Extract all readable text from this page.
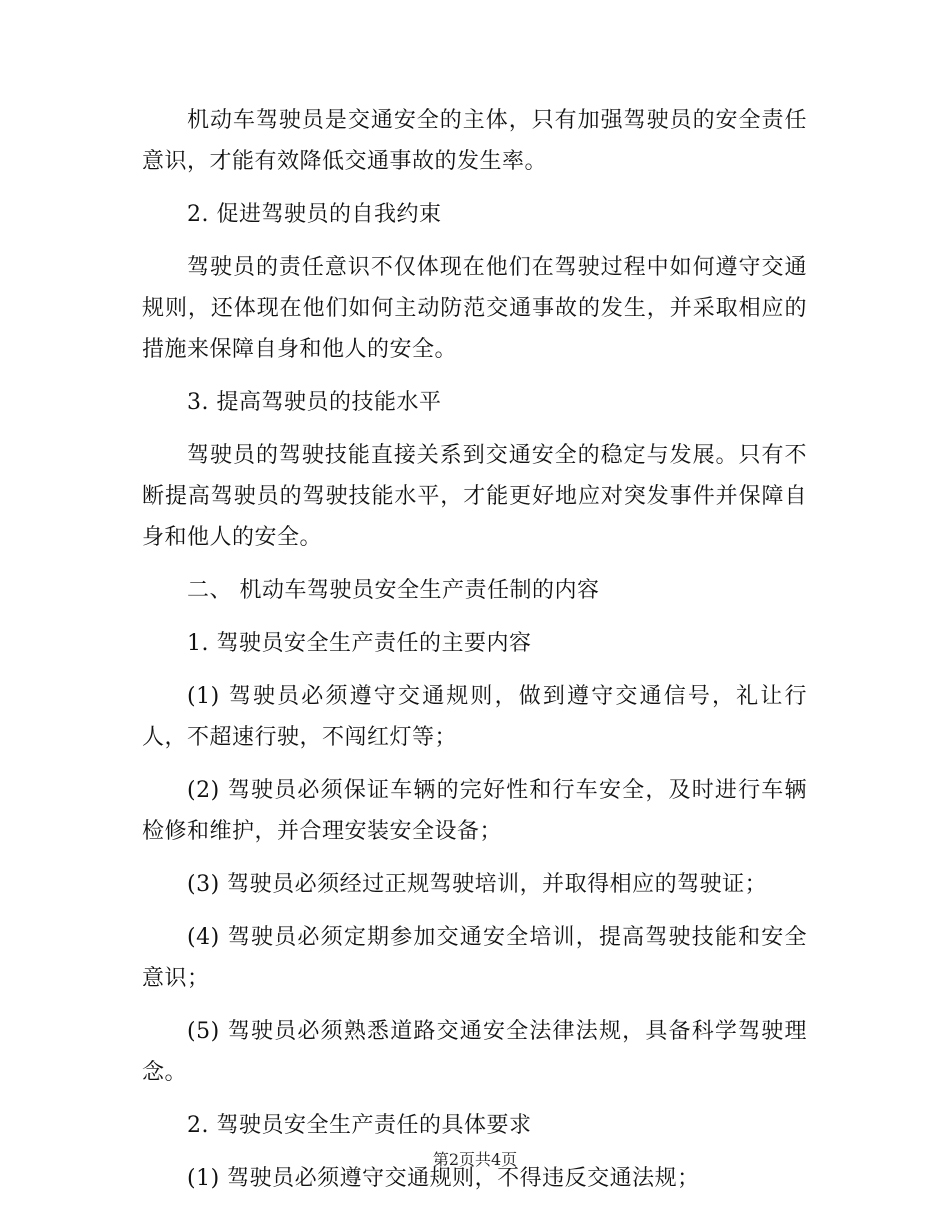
机动车驾驶员是交通安全的主体，只有加强驾驶员的安全责任意识，才能有效降低交通事故的发生率。

2. 促进驾驶员的自我约束

驾驶员的责任意识不仅体现在他们在驾驶过程中如何遵守交通规则，还体现在他们如何主动防范交通事故的发生，并采取相应的措施来保障自身和他人的安全。

3. 提高驾驶员的技能水平

驾驶员的驾驶技能直接关系到交通安全的稳定与发展。只有不断提高驾驶员的驾驶技能水平，才能更好地应对突发事件并保障自身和他人的安全。

二、 机动车驾驶员安全生产责任制的内容

1. 驾驶员安全生产责任的主要内容

(1) 驾驶员必须遵守交通规则，做到遵守交通信号，礼让行人，不超速行驶，不闯红灯等；

(2) 驾驶员必须保证车辆的完好性和行车安全，及时进行车辆检修和维护，并合理安装安全设备；

(3) 驾驶员必须经过正规驾驶培训，并取得相应的驾驶证；

(4) 驾驶员必须定期参加交通安全培训，提高驾驶技能和安全意识；

(5) 驾驶员必须熟悉道路交通安全法律法规，具备科学驾驶理念。

2. 驾驶员安全生产责任的具体要求

(1) 驾驶员必须遵守交通规则，不得违反交通法规；

第2页共4页
